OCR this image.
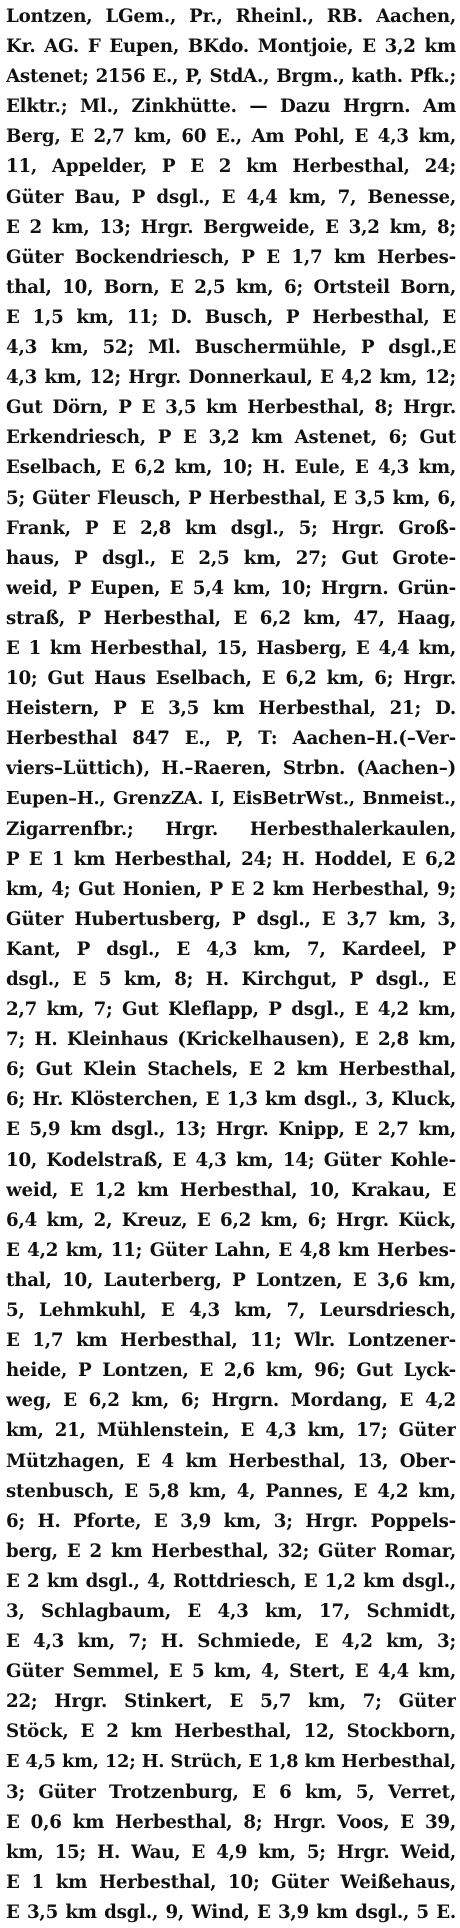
Lontzen, LGem., Pr., Rheinl., RB. Aachen,
Kr. AG. F Eupen, BKdo. Montjoie, E 3,2 km
Astenet; 2156 E., P, StdA., Brgm., kath. Pfk.;
Elktr.; Ml., Zinkhütte. — Dazu Hrgrn. Am
Berg, E 2,7 km, 60 E., Am Pohl, E 4,3 km,
11, Appelder, P E 2 km Herbesthal, 24;
Güter Bau, P dsgl., E 4,4 km, 7, Benesse,
E 2 km, 13; Hrgr. Bergweide, E 3,2 km, 8;
Güter Bockendriesch, P E 1,7 km Herbes-
thal, 10, Born, E 2,5 km, 6; Ortsteil Born,
E 1,5 km, 11; D. Busch, P Herbesthal, E
4,3 km, 52; Ml. Buschermühle, P dsgl.,E
4,3 km, 12; Hrgr. Donnerkaul, E 4,2 km, 12;
Gut Dörn, P E 3,5 km Herbesthal, 8; Hrgr.
Erkendriesch, P E 3,2 km Astenet, 6; Gut
Eselbach, E 6,2 km, 10; H. Eule, E 4,3 km,
5; Güter Fleusch, P Herbesthal, E 3,5 km, 6,
Frank, P E 2,8 km dsgl., 5; Hrgr. Groß-
haus, P dsgl., E 2,5 km, 27; Gut Grote-
weid, P Eupen, E 5,4 km, 10; Hrgrn. Grün-
straß, P Herbesthal, E 6,2 km, 47, Haag,
E 1 km Herbesthal, 15, Hasberg, E 4,4 km,
10; Gut Haus Eselbach, E 6,2 km, 6; Hrgr.
Heistern, P E 3,5 km Herbesthal, 21; D.
Herbesthal 847 E., P, T: Aachen–H.(–Ver-
viers–Lüttich), H.–Raeren, Strbn. (Aachen–)
Eupen–H., GrenzZA. I, EisBetrWst., Bnmeist.,
Zigarrenfbr.; Hrgr. Herbesthalerkaulen,
P E 1 km Herbesthal, 24; H. Hoddel, E 6,2
km, 4; Gut Honien, P E 2 km Herbesthal, 9;
Güter Hubertusberg, P dsgl., E 3,7 km, 3,
Kant, P dsgl., E 4,3 km, 7, Kardeel, P
dsgl., E 5 km, 8; H. Kirchgut, P dsgl., E
2,7 km, 7; Gut Kleflapp, P dsgl., E 4,2 km,
7; H. Kleinhaus (Krickelhausen), E 2,8 km,
6; Gut Klein Stachels, E 2 km Herbesthal,
6; Hr. Klösterchen, E 1,3 km dsgl., 3, Kluck,
E 5,9 km dsgl., 13; Hrgr. Knipp, E 2,7 km,
10, Kodelstraß, E 4,3 km, 14; Güter Kohle-
weid, E 1,2 km Herbesthal, 10, Krakau, E
6,4 km, 2, Kreuz, E 6,2 km, 6; Hrgr. Kück,
E 4,2 km, 11; Güter Lahn, E 4,8 km Herbes-
thal, 10, Lauterberg, P Lontzen, E 3,6 km,
5, Lehmkuhl, E 4,3 km, 7, Leursdriesch,
E 1,7 km Herbesthal, 11; Wlr. Lontzener-
heide, P Lontzen, E 2,6 km, 96; Gut Lyck-
weg, E 6,2 km, 6; Hrgrn. Mordang, E 4,2
km, 21, Mühlenstein, E 4,3 km, 17; Güter
Mützhagen, E 4 km Herbesthal, 13, Ober-
stenbusch, E 5,8 km, 4, Pannes, E 4,2 km,
6; H. Pforte, E 3,9 km, 3; Hrgr. Poppels-
berg, E 2 km Herbesthal, 32; Güter Romar,
E 2 km dsgl., 4, Rottdriesch, E 1,2 km dsgl.,
3, Schlagbaum, E 4,3 km, 17, Schmidt,
E 4,3 km, 7; H. Schmiede, E 4,2 km, 3;
Güter Semmel, E 5 km, 4, Stert, E 4,4 km,
22; Hrgr. Stinkert, E 5,7 km, 7; Güter
Stöck, E 2 km Herbesthal, 12, Stockborn,
E 4,5 km, 12; H. Strüch, E 1,8 km Herbesthal,
3; Güter Trotzenburg, E 6 km, 5, Verret,
E 0,6 km Herbesthal, 8; Hrgr. Voos, E 39,
km, 15; H. Wau, E 4,9 km, 5; Hrgr. Weid,
E 1 km Herbesthal, 10; Güter Weißehaus,
E 3,5 km dsgl., 9, Wind, E 3,9 km dsgl., 5 E.
